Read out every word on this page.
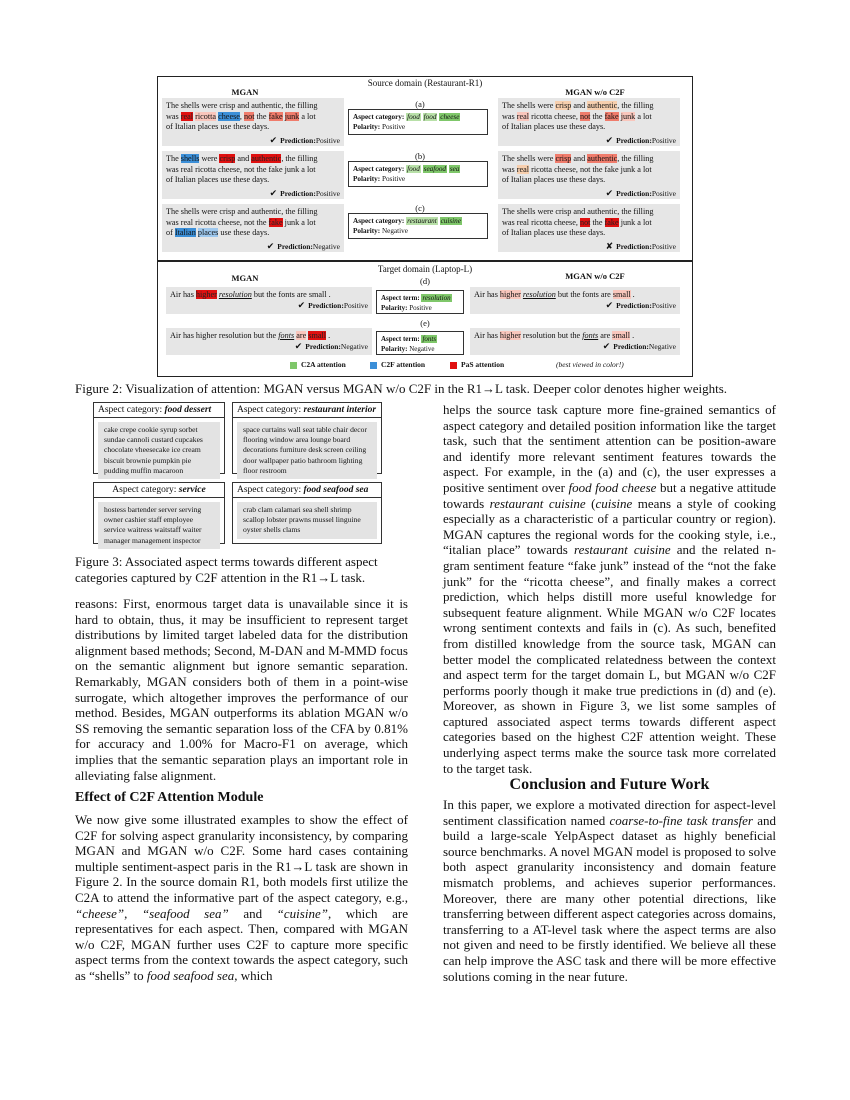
Source domain (Restaurant-R1)
MGAN	MGAN w/o C2F
The shells were crisp and authentic, the filling
was real ricotta cheese, not the fake junk a lot
of Italian places use these days.
✔ Prediction:Positive
The shells were crisp and authentic, the filling
was real ricotta cheese, not the fake junk a lot
of Italian places use these days.
✔ Prediction:Positive
The shells were crisp and authentic, the filling
was real ricotta cheese, not the fake junk a lot
of Italian places use these days.
✔ Prediction:Negative
(a)
Aspect category: food food cheese
Polarity: Positive
(b)
Aspect category: food seafood sea
Polarity: Positive
(c)
Aspect category: restaurant cuisine
Polarity: Negative
The shells were crisp and authentic, the filling
was real ricotta cheese, not the fake junk a lot
of Italian places use these days.
✔ Prediction:Positive
The shells were crisp and authentic, the filling
was real ricotta cheese, not the fake junk a lot
of Italian places use these days.
✔ Prediction:Positive
The shells were crisp and authentic, the filling
was real ricotta cheese, not the fake junk a lot
of Italian places use these days.
✘ Prediction:Positive
Target domain (Laptop-L)
MGAN	MGAN w/o C2F
(d)
Air has higher resolution but the fonts are small .
✔ Prediction:Positive
Aspect term: resolution
Polarity: Positive
Air has higher resolution but the fonts are small .
✔ Prediction:Positive
(e)
Air has higher resolution but the fonts are small .
✔ Prediction:Negative
Aspect term: fonts
Polarity: Negative
Air has higher resolution but the fonts are small .
✔ Prediction:Negative
C2A attention	C2F attention	PaS attention	(best viewed in color!)
Figure 2: Visualization of attention: MGAN versus MGAN w/o C2F in the R1→L task. Deeper color denotes higher weights.
Aspect category: food dessert
cake crepe cookie syrup sorbet sundae cannoli custard cupcakes chocolate vheesecake ice cream biscuit brownie pumpkin pie pudding muffin macaroon
Aspect category: restaurant interior
space curtains wall seat table chair decor flooring window area lounge board decorations furniture desk screen ceiling door wallpaper patio bathroom lighting floor restroom
Aspect category: service
hostess bartender server serving owner cashier staff employee service waitress waitstaff waiter manager management inspector
Aspect category: food seafood sea
crab clam calamari sea shell shrimp scallop lobster prawns mussel linguine oyster shells clams
Figure 3: Associated aspect terms towards different aspect categories captured by C2F attention in the R1→L task.
reasons: First, enormous target data is unavailable since it is hard to obtain, thus, it may be insufficient to represent target distributions by limited target labeled data for the distribution alignment based methods; Second, M-DAN and M-MMD focus on the semantic alignment but ignore semantic separation. Remarkably, MGAN considers both of them in a point-wise surrogate, which altogether improves the performance of our method. Besides, MGAN outperforms its ablation MGAN w/o SS removing the semantic separation loss of the CFA by 0.81% for accuracy and 1.00% for Macro-F1 on average, which implies that the semantic separation plays an important role in alleviating false alignment.
Effect of C2F Attention Module
We now give some illustrated examples to show the effect of C2F for solving aspect granularity inconsistency, by comparing MGAN and MGAN w/o C2F. Some hard cases containing multiple sentiment-aspect paris in the R1→L task are shown in Figure 2. In the source domain R1, both models first utilize the C2A to attend the informative part of the aspect category, e.g., “cheese”, “seafood sea” and “cuisine”, which are representatives for each aspect. Then, compared with MGAN w/o C2F, MGAN further uses C2F to capture more specific aspect terms from the context towards the aspect category, such as “shells” to food seafood sea, which
helps the source task capture more fine-grained semantics of aspect category and detailed position information like the target task, such that the sentiment attention can be position-aware and identify more relevant sentiment features towards the aspect. For example, in the (a) and (c), the user expresses a positive sentiment over food food cheese but a negative attitude towards restaurant cuisine (cuisine means a style of cooking especially as a characteristic of a particular country or region). MGAN captures the regional words for the cooking style, i.e., “italian place” towards restaurant cuisine and the related n-gram sentiment feature “fake junk” instead of the “not the fake junk” for the “ricotta cheese”, and finally makes a correct prediction, which helps distill more useful knowledge for subsequent feature alignment. While MGAN w/o C2F locates wrong sentiment contexts and fails in (c). As such, benefited from distilled knowledge from the source task, MGAN can better model the complicated relatedness between the context and aspect term for the target domain L, but MGAN w/o C2F performs poorly though it make true predictions in (d) and (e). Moreover, as shown in Figure 3, we list some samples of captured associated aspect terms towards different aspect categories based on the highest C2F attention weight. These underlying aspect terms make the source task more correlated to the target task.
Conclusion and Future Work
In this paper, we explore a motivated direction for aspect-level sentiment classification named coarse-to-fine task transfer and build a large-scale YelpAspect dataset as highly beneficial source benchmarks. A novel MGAN model is proposed to solve both aspect granularity inconsistency and domain feature mismatch problems, and achieves superior performances. Moreover, there are many other potential directions, like transferring between different aspect categories across domains, transferring to a AT-level task where the aspect terms are also not given and need to be firstly identified. We believe all these can help improve the ASC task and there will be more effective solutions coming in the near future.
